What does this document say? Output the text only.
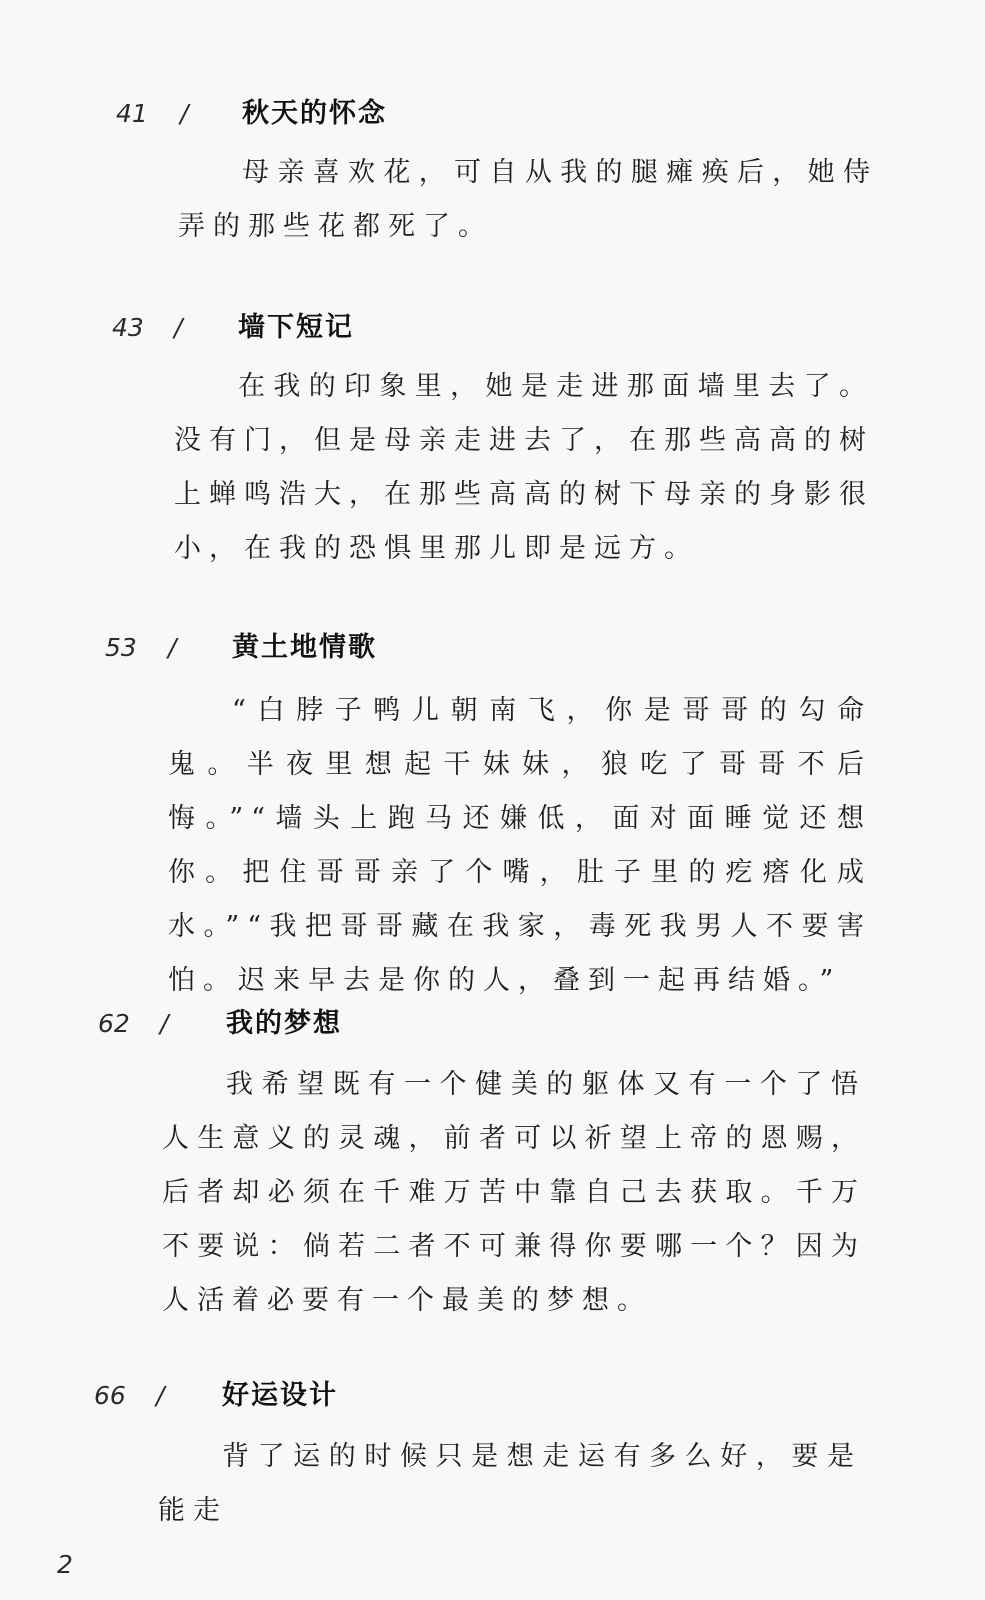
41 / 秋天的怀念
母亲喜欢花，可自从我的腿瘫痪后，她侍弄的那些花都死了。
43 / 墙下短记
在我的印象里，她是走进那面墙里去了。没有门，但是母亲走进去了，在那些高高的树上蝉鸣浩大，在那些高高的树下母亲的身影很小，在我的恐惧里那儿即是远方。
53 / 黄土地情歌
“白脖子鸭儿朝南飞，你是哥哥的勾命鬼。半夜里想起干妹妹，狼吃了哥哥不后悔。”“墙头上跑马还嫌低，面对面睡觉还想你。把住哥哥亲了个嘴，肚子里的疙瘩化成水。”“我把哥哥藏在我家，毒死我男人不要害怕。迟来早去是你的人，叠到一起再结婚。”
62 / 我的梦想
我希望既有一个健美的躯体又有一个了悟人生意义的灵魂，前者可以祈望上帝的恩赐，后者却必须在千难万苦中靠自己去获取。千万不要说：倘若二者不可兼得你要哪一个？因为人活着必要有一个最美的梦想。
66 / 好运设计
背了运的时候只是想走运有多么好，要是能走
2
